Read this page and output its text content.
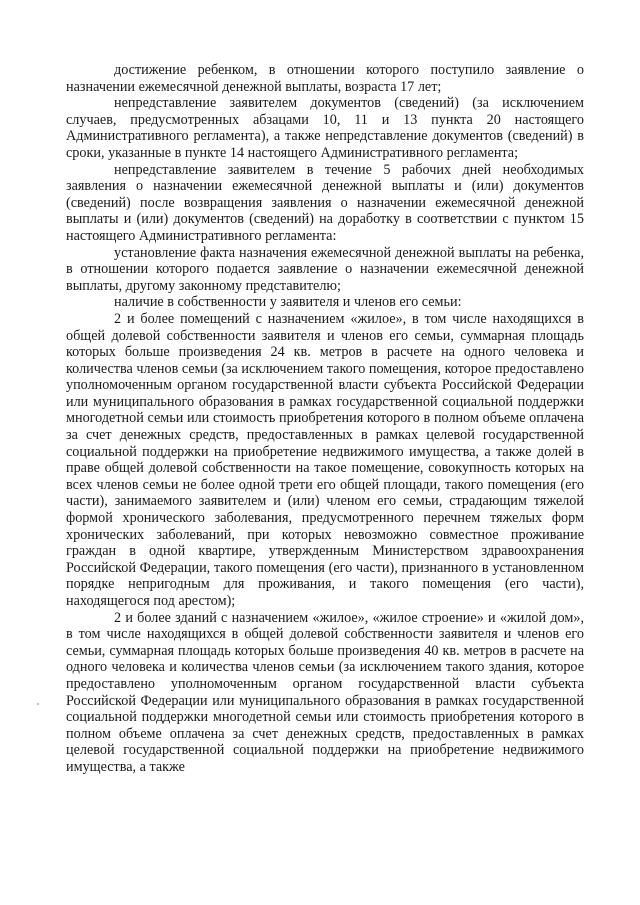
достижение ребенком, в отношении которого поступило заявление о назначении ежемесячной денежной выплаты, возраста 17 лет;

непредставление заявителем документов (сведений) (за исключением случаев, предусмотренных абзацами 10, 11 и 13 пункта 20 настоящего Административного регламента), а также непредставление документов (сведений) в сроки, указанные в пункте 14 настоящего Административного регламента;

непредставление заявителем в течение 5 рабочих дней необходимых заявления о назначении ежемесячной денежной выплаты и (или) документов (сведений) после возвращения заявления о назначении ежемесячной денежной выплаты и (или) документов (сведений) на доработку в соответствии с пунктом 15 настоящего Административного регламента:

установление факта назначения ежемесячной денежной выплаты на ребенка, в отношении которого подается заявление о назначении ежемесячной денежной выплаты, другому законному представителю;

наличие в собственности у заявителя и членов его семьи:

2 и более помещений с назначением «жилое», в том числе находящихся в общей долевой собственности заявителя и членов его семьи, суммарная площадь которых больше произведения 24 кв. метров в расчете на одного человека и количества членов семьи (за исключением такого помещения, которое предоставлено уполномоченным органом государственной власти субъекта Российской Федерации или муниципального образования в рамках государственной социальной поддержки многодетной семьи или стоимость приобретения которого в полном объеме оплачена за счет денежных средств, предоставленных в рамках целевой государственной социальной поддержки на приобретение недвижимого имущества, а также долей в праве общей долевой собственности на такое помещение, совокупность которых на всех членов семьи не более одной трети его общей площади, такого помещения (его части), занимаемого заявителем и (или) членом его семьи, страдающим тяжелой формой хронического заболевания, предусмотренного перечнем тяжелых форм хронических заболеваний, при которых невозможно совместное проживание граждан в одной квартире, утвержденным Министерством здравоохранения Российской Федерации, такого помещения (его части), признанного в установленном порядке непригодным для проживания, и такого помещения (его части), находящегося под арестом);

2 и более зданий с назначением «жилое», «жилое строение» и «жилой дом», в том числе находящихся в общей долевой собственности заявителя и членов его семьи, суммарная площадь которых больше произведения 40 кв. метров в расчете на одного человека и количества членов семьи (за исключением такого здания, которое предоставлено уполномоченным органом государственной власти субъекта Российской Федерации или муниципального образования в рамках государственной социальной поддержки многодетной семьи или стоимость приобретения которого в полном объеме оплачена за счет денежных средств, предоставленных в рамках целевой государственной социальной поддержки на приобретение недвижимого имущества, а также
